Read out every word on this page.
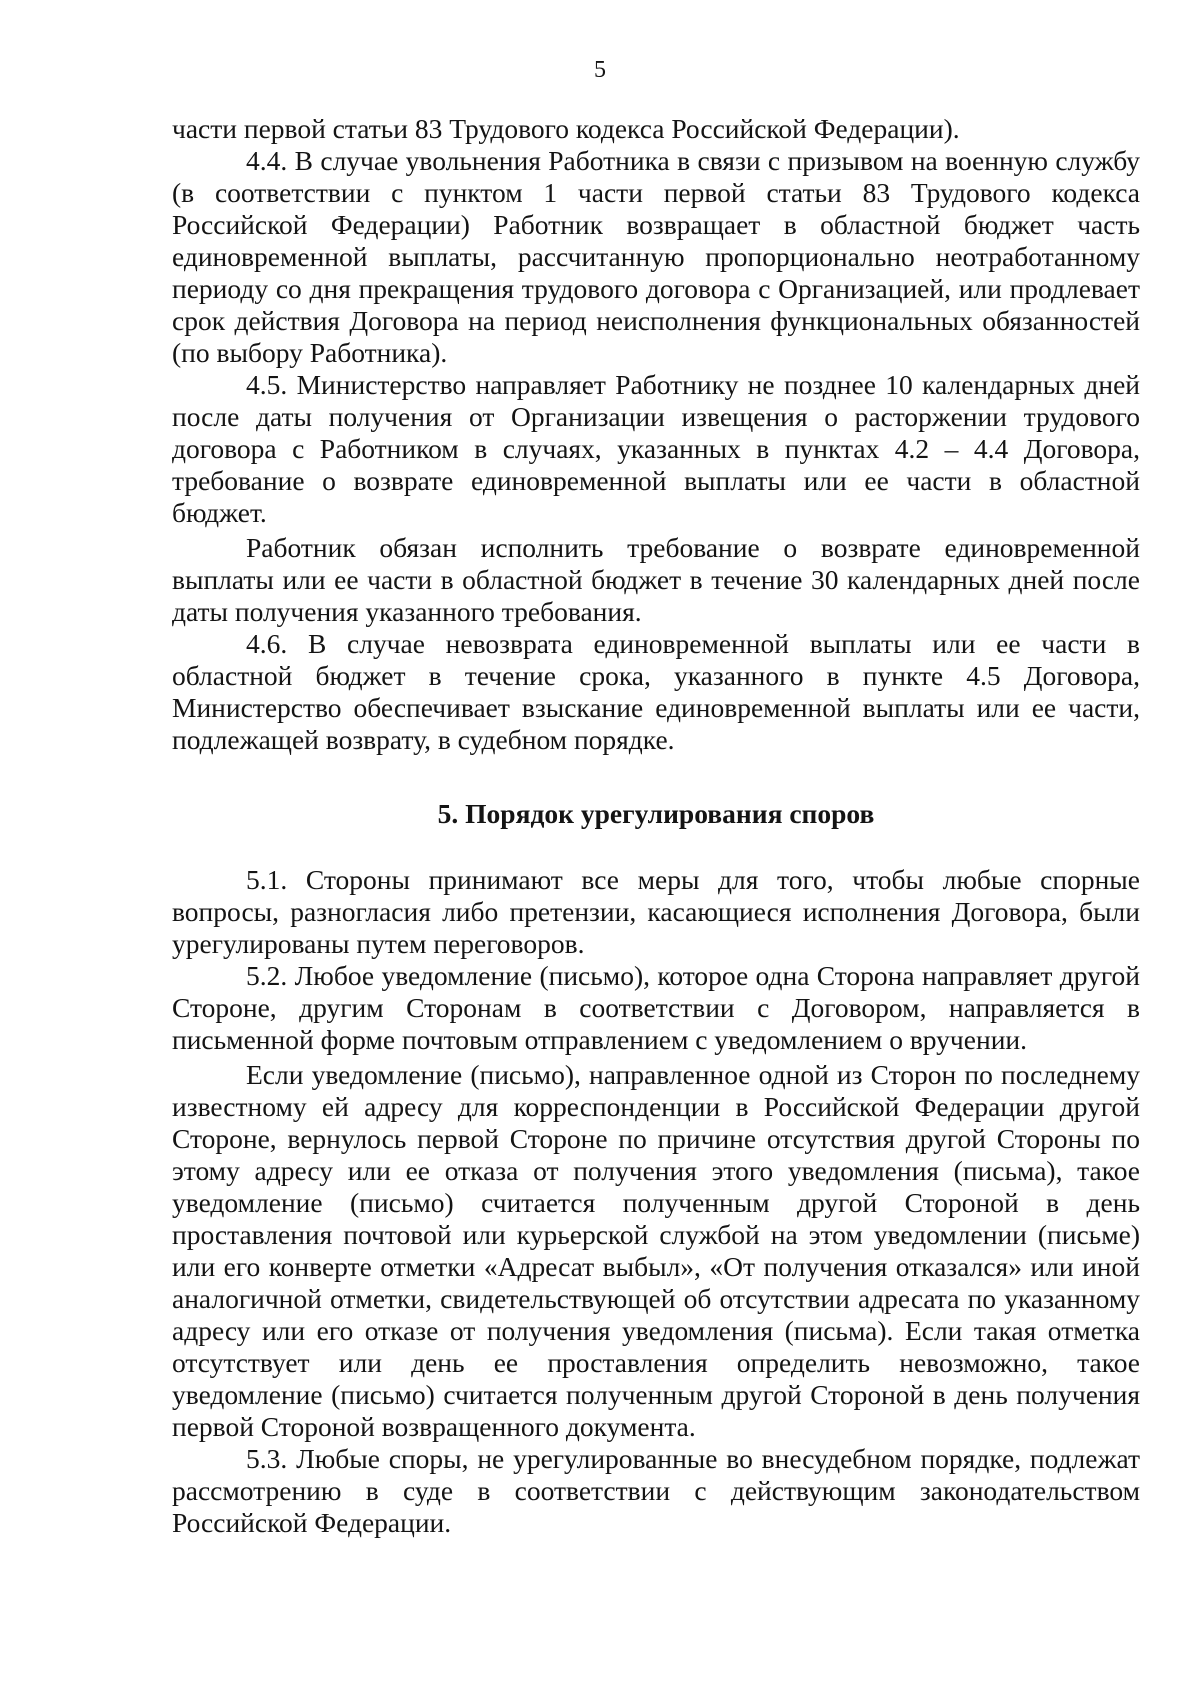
5

части первой статьи 83 Трудового кодекса Российской Федерации).

4.4. В случае увольнения Работника в связи с призывом на военную службу (в соответствии с пунктом 1 части первой статьи 83 Трудового кодекса Российской Федерации) Работник возвращает в областной бюджет часть единовременной выплаты, рассчитанную пропорционально неотработанному периоду со дня прекращения трудового договора с Организацией, или продлевает срок действия Договора на период неисполнения функциональных обязанностей (по выбору Работника).

4.5. Министерство направляет Работнику не позднее 10 календарных дней после даты получения от Организации извещения о расторжении трудового договора с Работником в случаях, указанных в пунктах 4.2 – 4.4 Договора, требование о возврате единовременной выплаты или ее части в областной бюджет.

Работник обязан исполнить требование о возврате единовременной выплаты или ее части в областной бюджет в течение 30 календарных дней после даты получения указанного требования.

4.6. В случае невозврата единовременной выплаты или ее части в областной бюджет в течение срока, указанного в пункте 4.5 Договора, Министерство обеспечивает взыскание единовременной выплаты или ее части, подлежащей возврату, в судебном порядке.

5. Порядок урегулирования споров

5.1. Стороны принимают все меры для того, чтобы любые спорные вопросы, разногласия либо претензии, касающиеся исполнения Договора, были урегулированы путем переговоров.

5.2. Любое уведомление (письмо), которое одна Сторона направляет другой Стороне, другим Сторонам в соответствии с Договором, направляется в письменной форме почтовым отправлением с уведомлением о вручении.

Если уведомление (письмо), направленное одной из Сторон по последнему известному ей адресу для корреспонденции в Российской Федерации другой Стороне, вернулось первой Стороне по причине отсутствия другой Стороны по этому адресу или ее отказа от получения этого уведомления (письма), такое уведомление (письмо) считается полученным другой Стороной в день проставления почтовой или курьерской службой на этом уведомлении (письме) или его конверте отметки «Адресат выбыл», «От получения отказался» или иной аналогичной отметки, свидетельствующей об отсутствии адресата по указанному адресу или его отказе от получения уведомления (письма). Если такая отметка отсутствует или день ее проставления определить невозможно, такое уведомление (письмо) считается полученным другой Стороной в день получения первой Стороной возвращенного документа.

5.3. Любые споры, не урегулированные во внесудебном порядке, подлежат рассмотрению в суде в соответствии с действующим законодательством Российской Федерации.
